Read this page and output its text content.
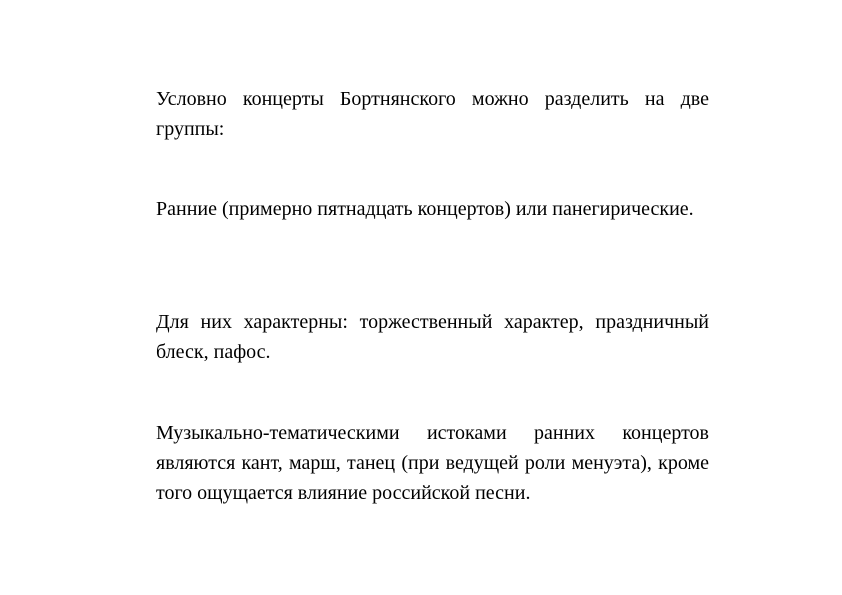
Условно концерты Бортнянского можно разделить на две группы:

Ранние (примерно пятнадцать концертов) или панегирические.

Для них характерны: торжественный характер, праздничный блеск, пафос.

Музыкально-тематическими истоками ранних концертов являются кант, марш, танец (при ведущей роли менуэта), кроме того ощущается влияние российской песни.
